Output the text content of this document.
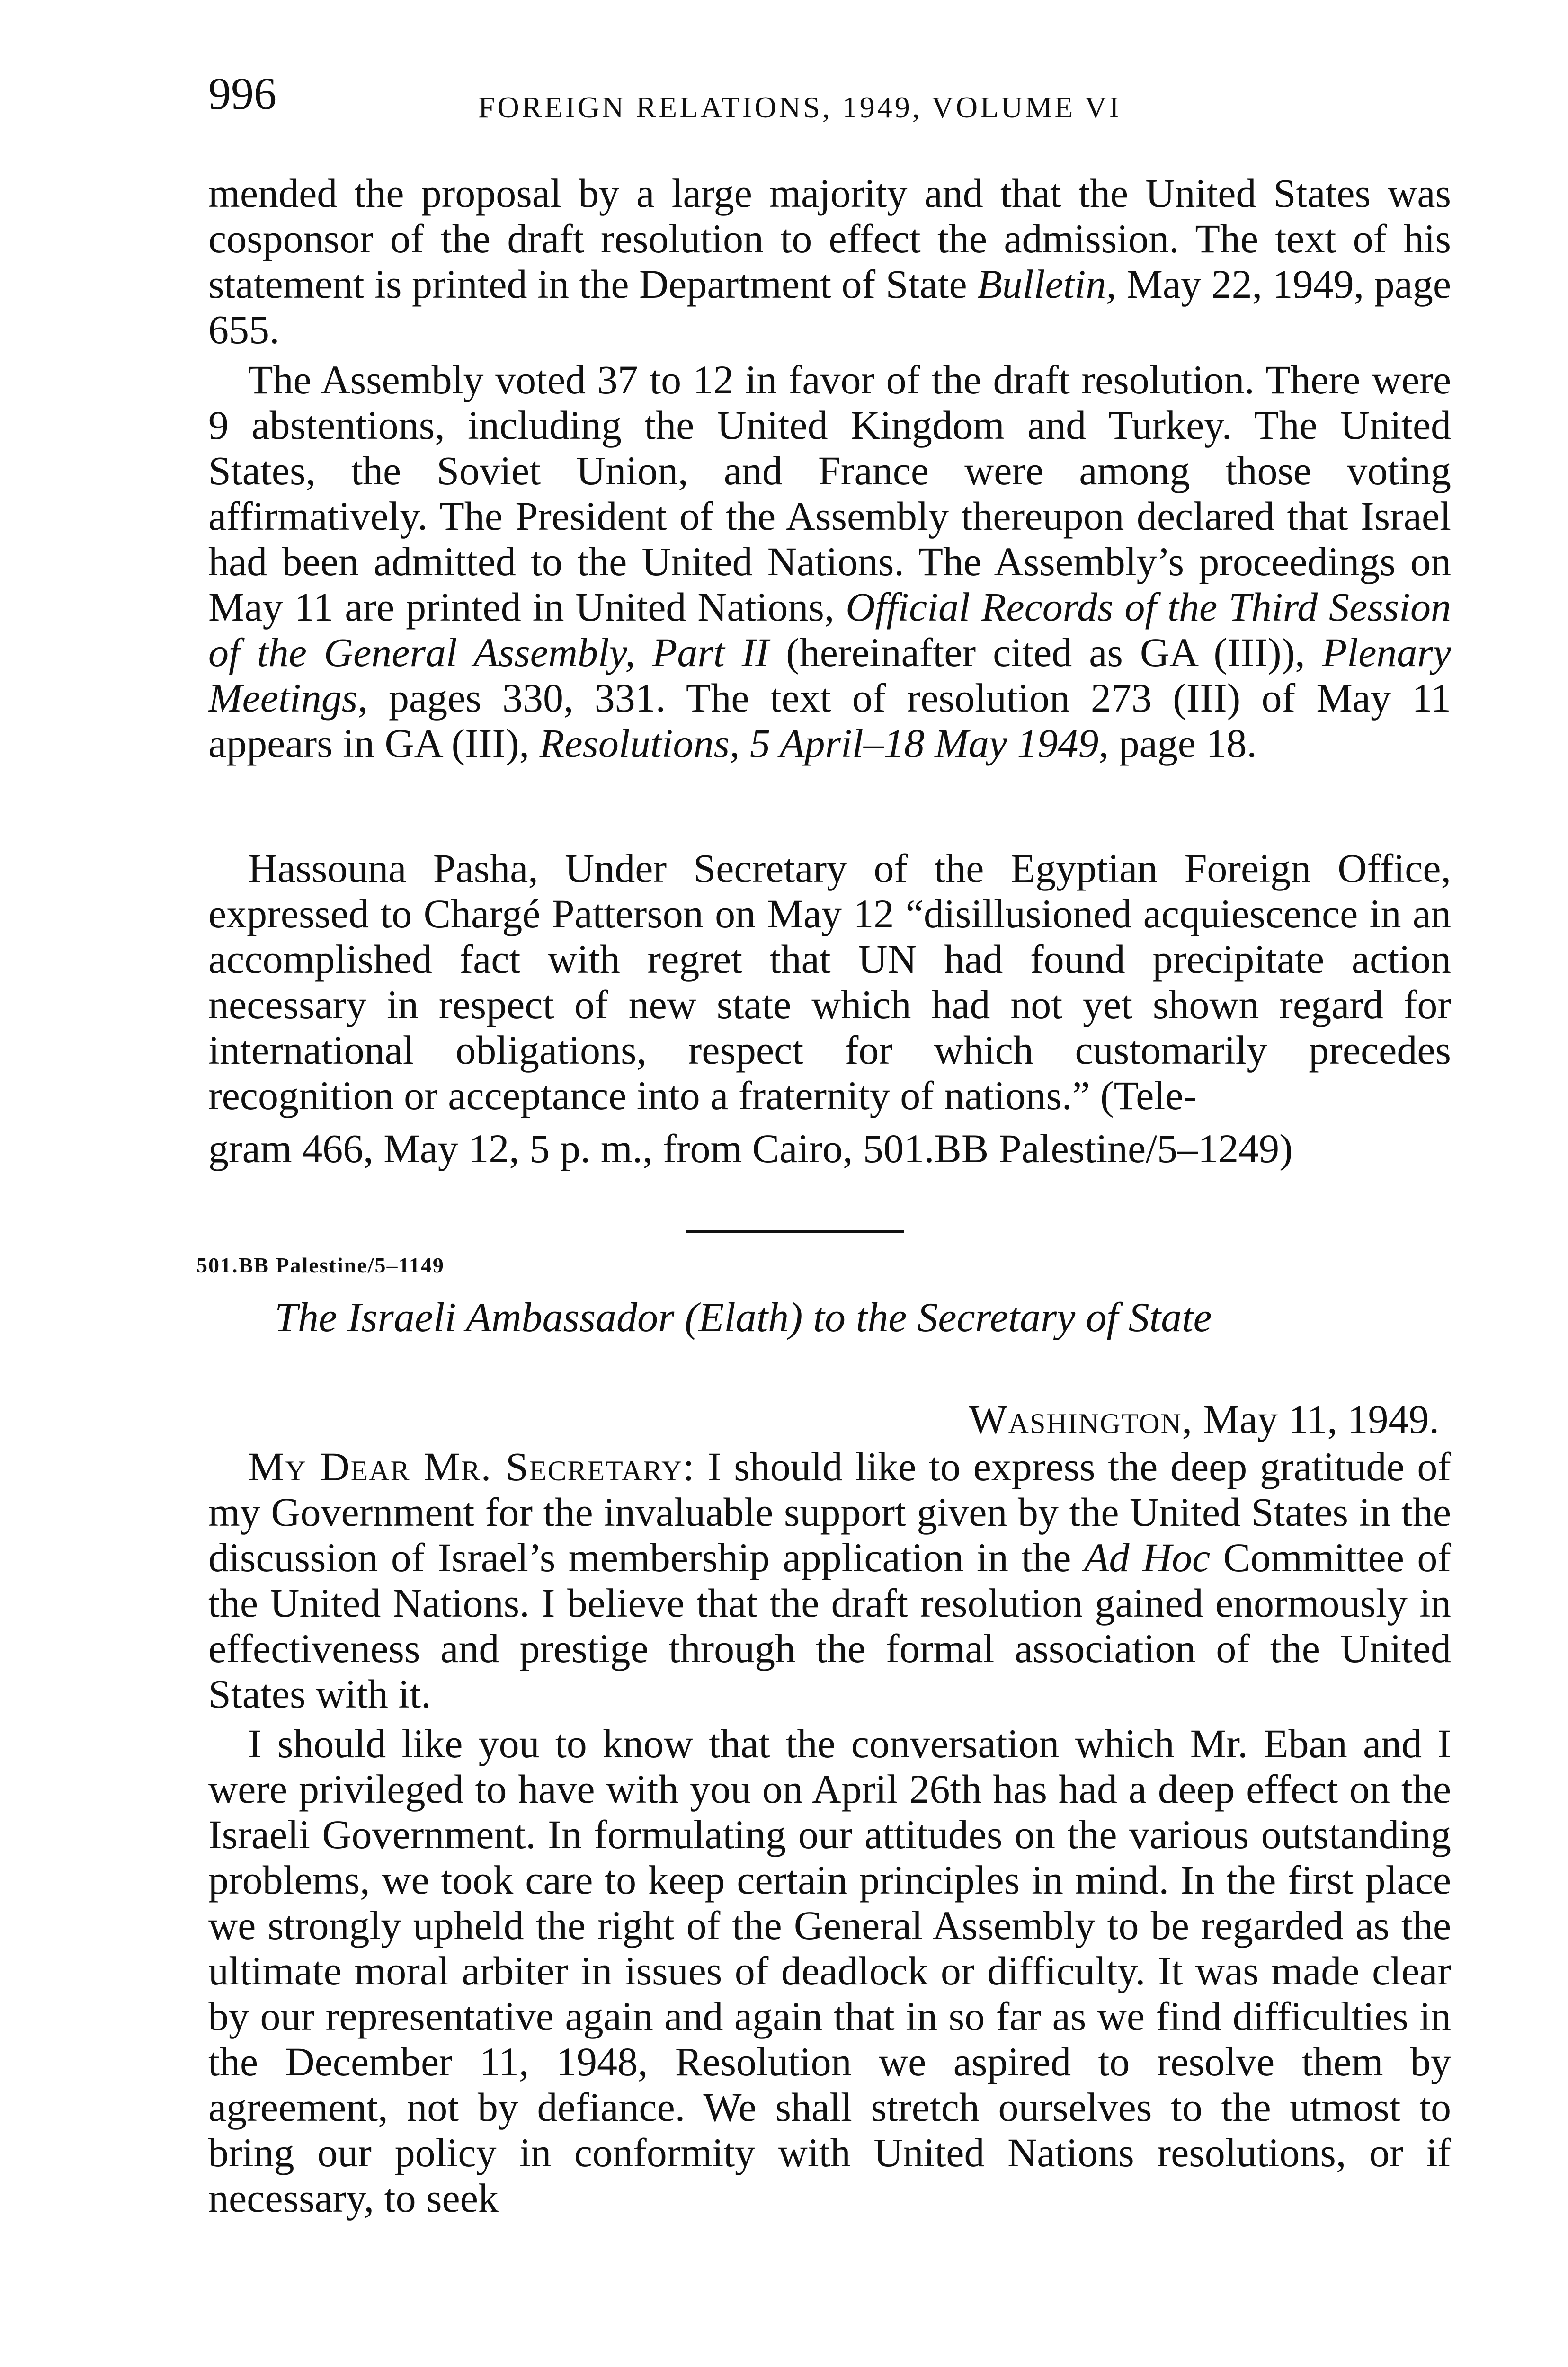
996	FOREIGN RELATIONS, 1949, VOLUME VI

mended the proposal by a large majority and that the United States was cosponsor of the draft resolution to effect the admission. The text of his statement is printed in the Department of State Bulletin, May 22, 1949, page 655.

The Assembly voted 37 to 12 in favor of the draft resolution. There were 9 abstentions, including the United Kingdom and Turkey. The United States, the Soviet Union, and France were among those voting affirmatively. The President of the Assembly thereupon declared that Israel had been admitted to the United Nations. The Assembly’s proceedings on May 11 are printed in United Nations, Official Records of the Third Session of the General Assembly, Part II (hereinafter cited as GA (III)), Plenary Meetings, pages 330, 331. The text of resolution 273 (III) of May 11 appears in GA (III), Resolutions, 5 April–18 May 1949, page 18.

Hassouna Pasha, Under Secretary of the Egyptian Foreign Office, expressed to Chargé Patterson on May 12 “disillusioned acquiescence in an accomplished fact with regret that UN had found precipitate action necessary in respect of new state which had not yet shown regard for international obligations, respect for which customarily precedes recognition or acceptance into a fraternity of nations.” (Tele-

gram 466, May 12, 5 p. m., from Cairo, 501.BB Palestine/5–1249)

501.BB Palestine/5–1149
The Israeli Ambassador (Elath) to the Secretary of State
Washington, May 11, 1949.

My Dear Mr. Secretary: I should like to express the deep gratitude of my Government for the invaluable support given by the United States in the discussion of Israel’s membership application in the Ad Hoc Committee of the United Nations. I believe that the draft resolution gained enormously in effectiveness and prestige through the formal association of the United States with it.

I should like you to know that the conversation which Mr. Eban and I were privileged to have with you on April 26th has had a deep effect on the Israeli Government. In formulating our attitudes on the various outstanding problems, we took care to keep certain principles in mind. In the first place we strongly upheld the right of the General Assembly to be regarded as the ultimate moral arbiter in issues of deadlock or difficulty. It was made clear by our representative again and again that in so far as we find difficulties in the December 11, 1948, Resolution we aspired to resolve them by agreement, not by defiance. We shall stretch ourselves to the utmost to bring our policy in conformity with United Nations resolutions, or if necessary, to seek
